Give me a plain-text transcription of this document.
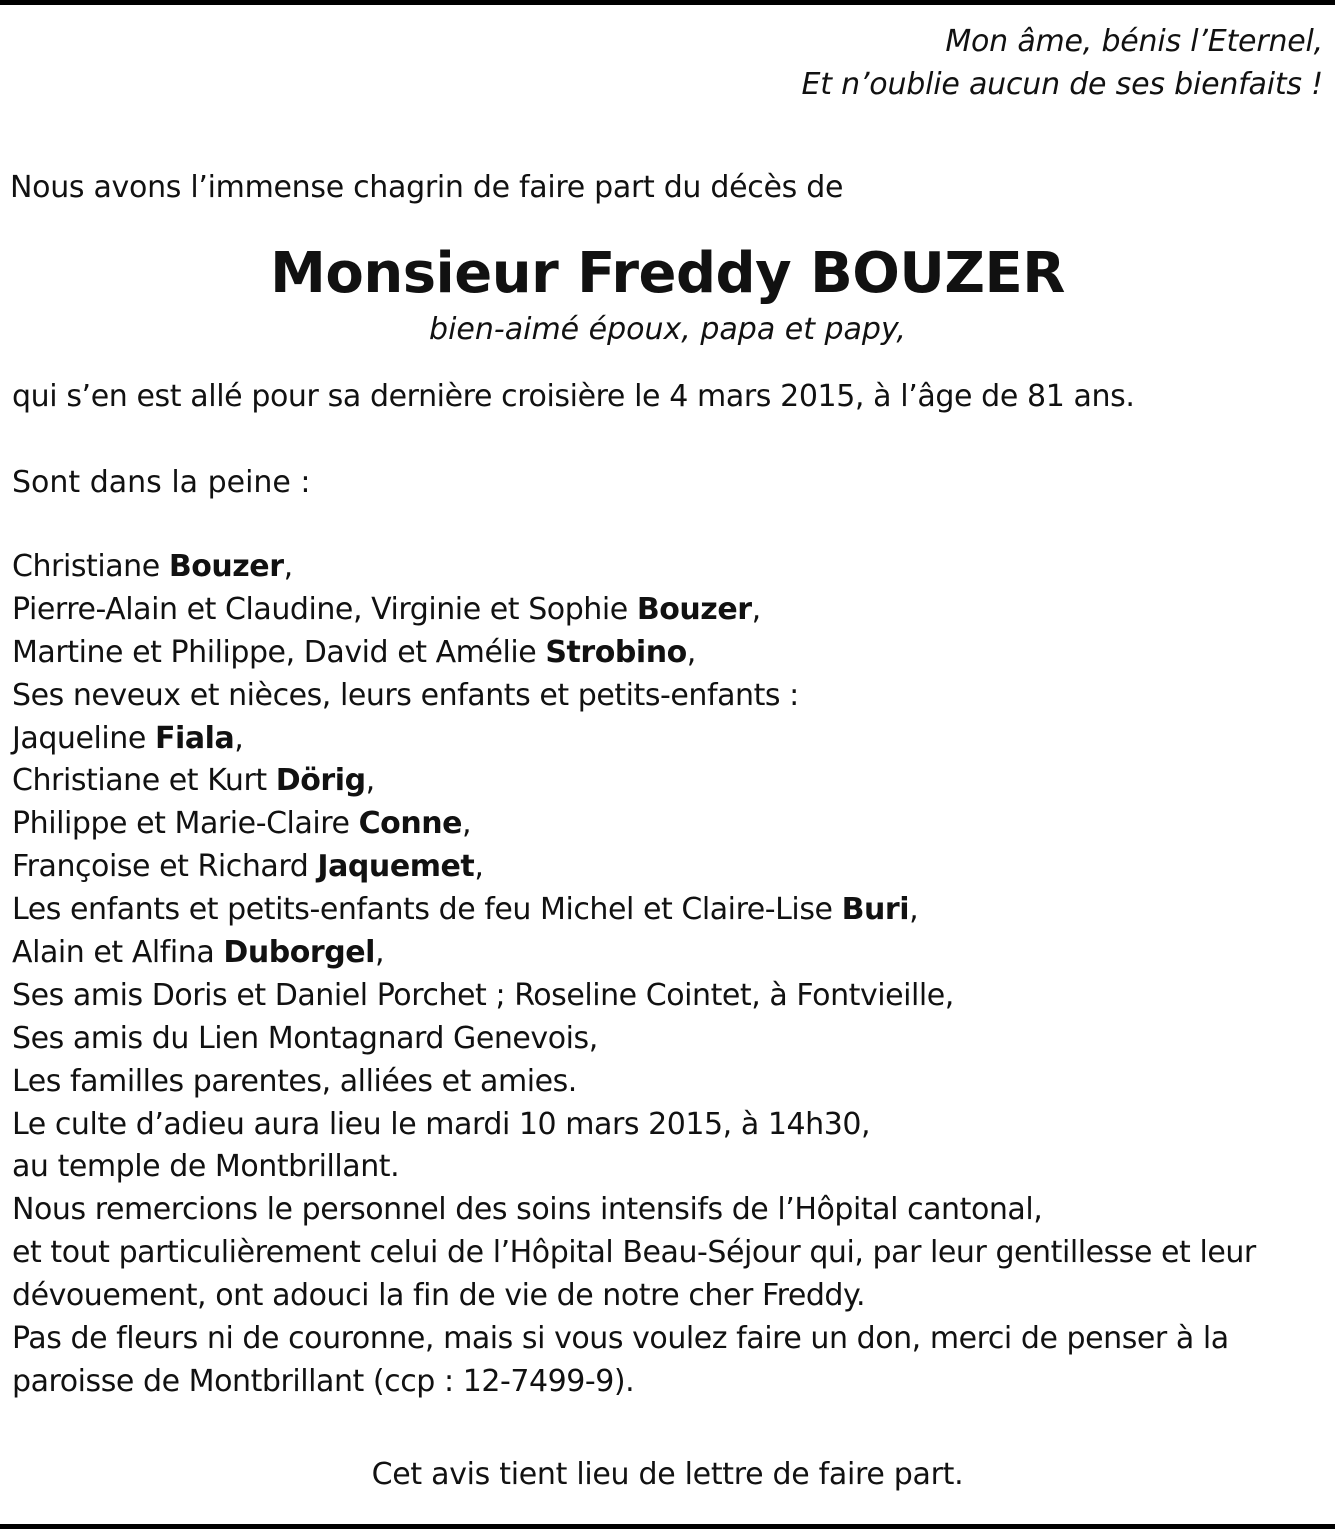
Mon âme, bénis l’Eternel,
Et n’oublie aucun de ses bienfaits !
Nous avons l’immense chagrin de faire part du décès de
Monsieur Freddy BOUZER
bien-aimé époux, papa et papy,
qui s’en est allé pour sa dernière croisière le 4 mars 2015, à l’âge de 81 ans.
Sont dans la peine :
Christiane Bouzer,
Pierre-Alain et Claudine, Virginie et Sophie Bouzer,
Martine et Philippe, David et Amélie Strobino,
Ses neveux et nièces, leurs enfants et petits-enfants :
Jaqueline Fiala,
Christiane et Kurt Dörig,
Philippe et Marie-Claire Conne,
Françoise et Richard Jaquemet,
Les enfants et petits-enfants de feu Michel et Claire-Lise Buri,
Alain et Alfina Duborgel,
Ses amis Doris et Daniel Porchet ; Roseline Cointet, à Fontvieille,
Ses amis du Lien Montagnard Genevois,
Les familles parentes, alliées et amies.
Le culte d’adieu aura lieu le mardi 10 mars 2015, à 14h30,
au temple de Montbrillant.
Nous remercions le personnel des soins intensifs de l’Hôpital cantonal,
et tout particulièrement celui de l’Hôpital Beau-Séjour qui, par leur gentillesse et leur
dévouement, ont adouci la fin de vie de notre cher Freddy.
Pas de fleurs ni de couronne, mais si vous voulez faire un don, merci de penser à la
paroisse de Montbrillant (ccp : 12-7499-9).
Cet avis tient lieu de lettre de faire part.
